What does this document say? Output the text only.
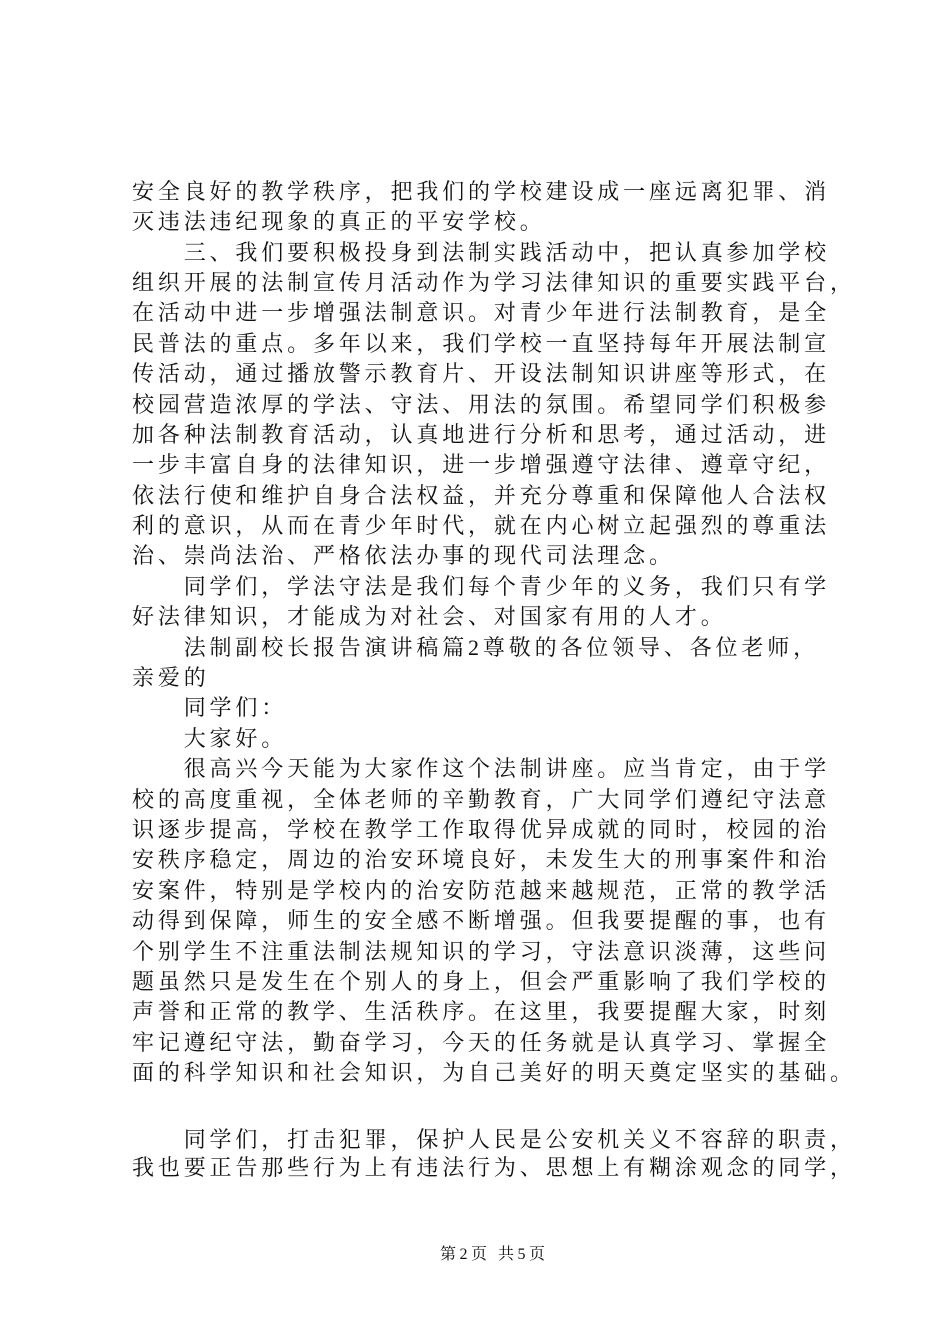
安全良好的教学秩序，把我们的学校建设成一座远离犯罪、消
灭违法违纪现象的真正的平安学校。
三、我们要积极投身到法制实践活动中，把认真参加学校
组织开展的法制宣传月活动作为学习法律知识的重要实践平台，
在活动中进一步增强法制意识。对青少年进行法制教育，是全
民普法的重点。多年以来，我们学校一直坚持每年开展法制宣
传活动，通过播放警示教育片、开设法制知识讲座等形式，在
校园营造浓厚的学法、守法、用法的氛围。希望同学们积极参
加各种法制教育活动，认真地进行分析和思考，通过活动，进
一步丰富自身的法律知识，进一步增强遵守法律、遵章守纪，
依法行使和维护自身合法权益，并充分尊重和保障他人合法权
利的意识，从而在青少年时代，就在内心树立起强烈的尊重法
治、崇尚法治、严格依法办事的现代司法理念。
同学们，学法守法是我们每个青少年的义务，我们只有学
好法律知识，才能成为对社会、对国家有用的人才。
法制副校长报告演讲稿篇2尊敬的各位领导、各位老师，
亲爱的
同学们：
大家好。
很高兴今天能为大家作这个法制讲座。应当肯定，由于学
校的高度重视，全体老师的辛勤教育，广大同学们遵纪守法意
识逐步提高，学校在教学工作取得优异成就的同时，校园的治
安秩序稳定，周边的治安环境良好，未发生大的刑事案件和治
安案件，特别是学校内的治安防范越来越规范，正常的教学活
动得到保障，师生的安全感不断增强。但我要提醒的事，也有
个别学生不注重法制法规知识的学习，守法意识淡薄，这些问
题虽然只是发生在个别人的身上，但会严重影响了我们学校的
声誉和正常的教学、生活秩序。在这里，我要提醒大家，时刻
牢记遵纪守法，勤奋学习，今天的任务就是认真学习、掌握全
面的科学知识和社会知识，为自己美好的明天奠定坚实的基础。
同学们，打击犯罪，保护人民是公安机关义不容辞的职责，
我也要正告那些行为上有违法行为、思想上有糊涂观念的同学，
第2页 共5页
